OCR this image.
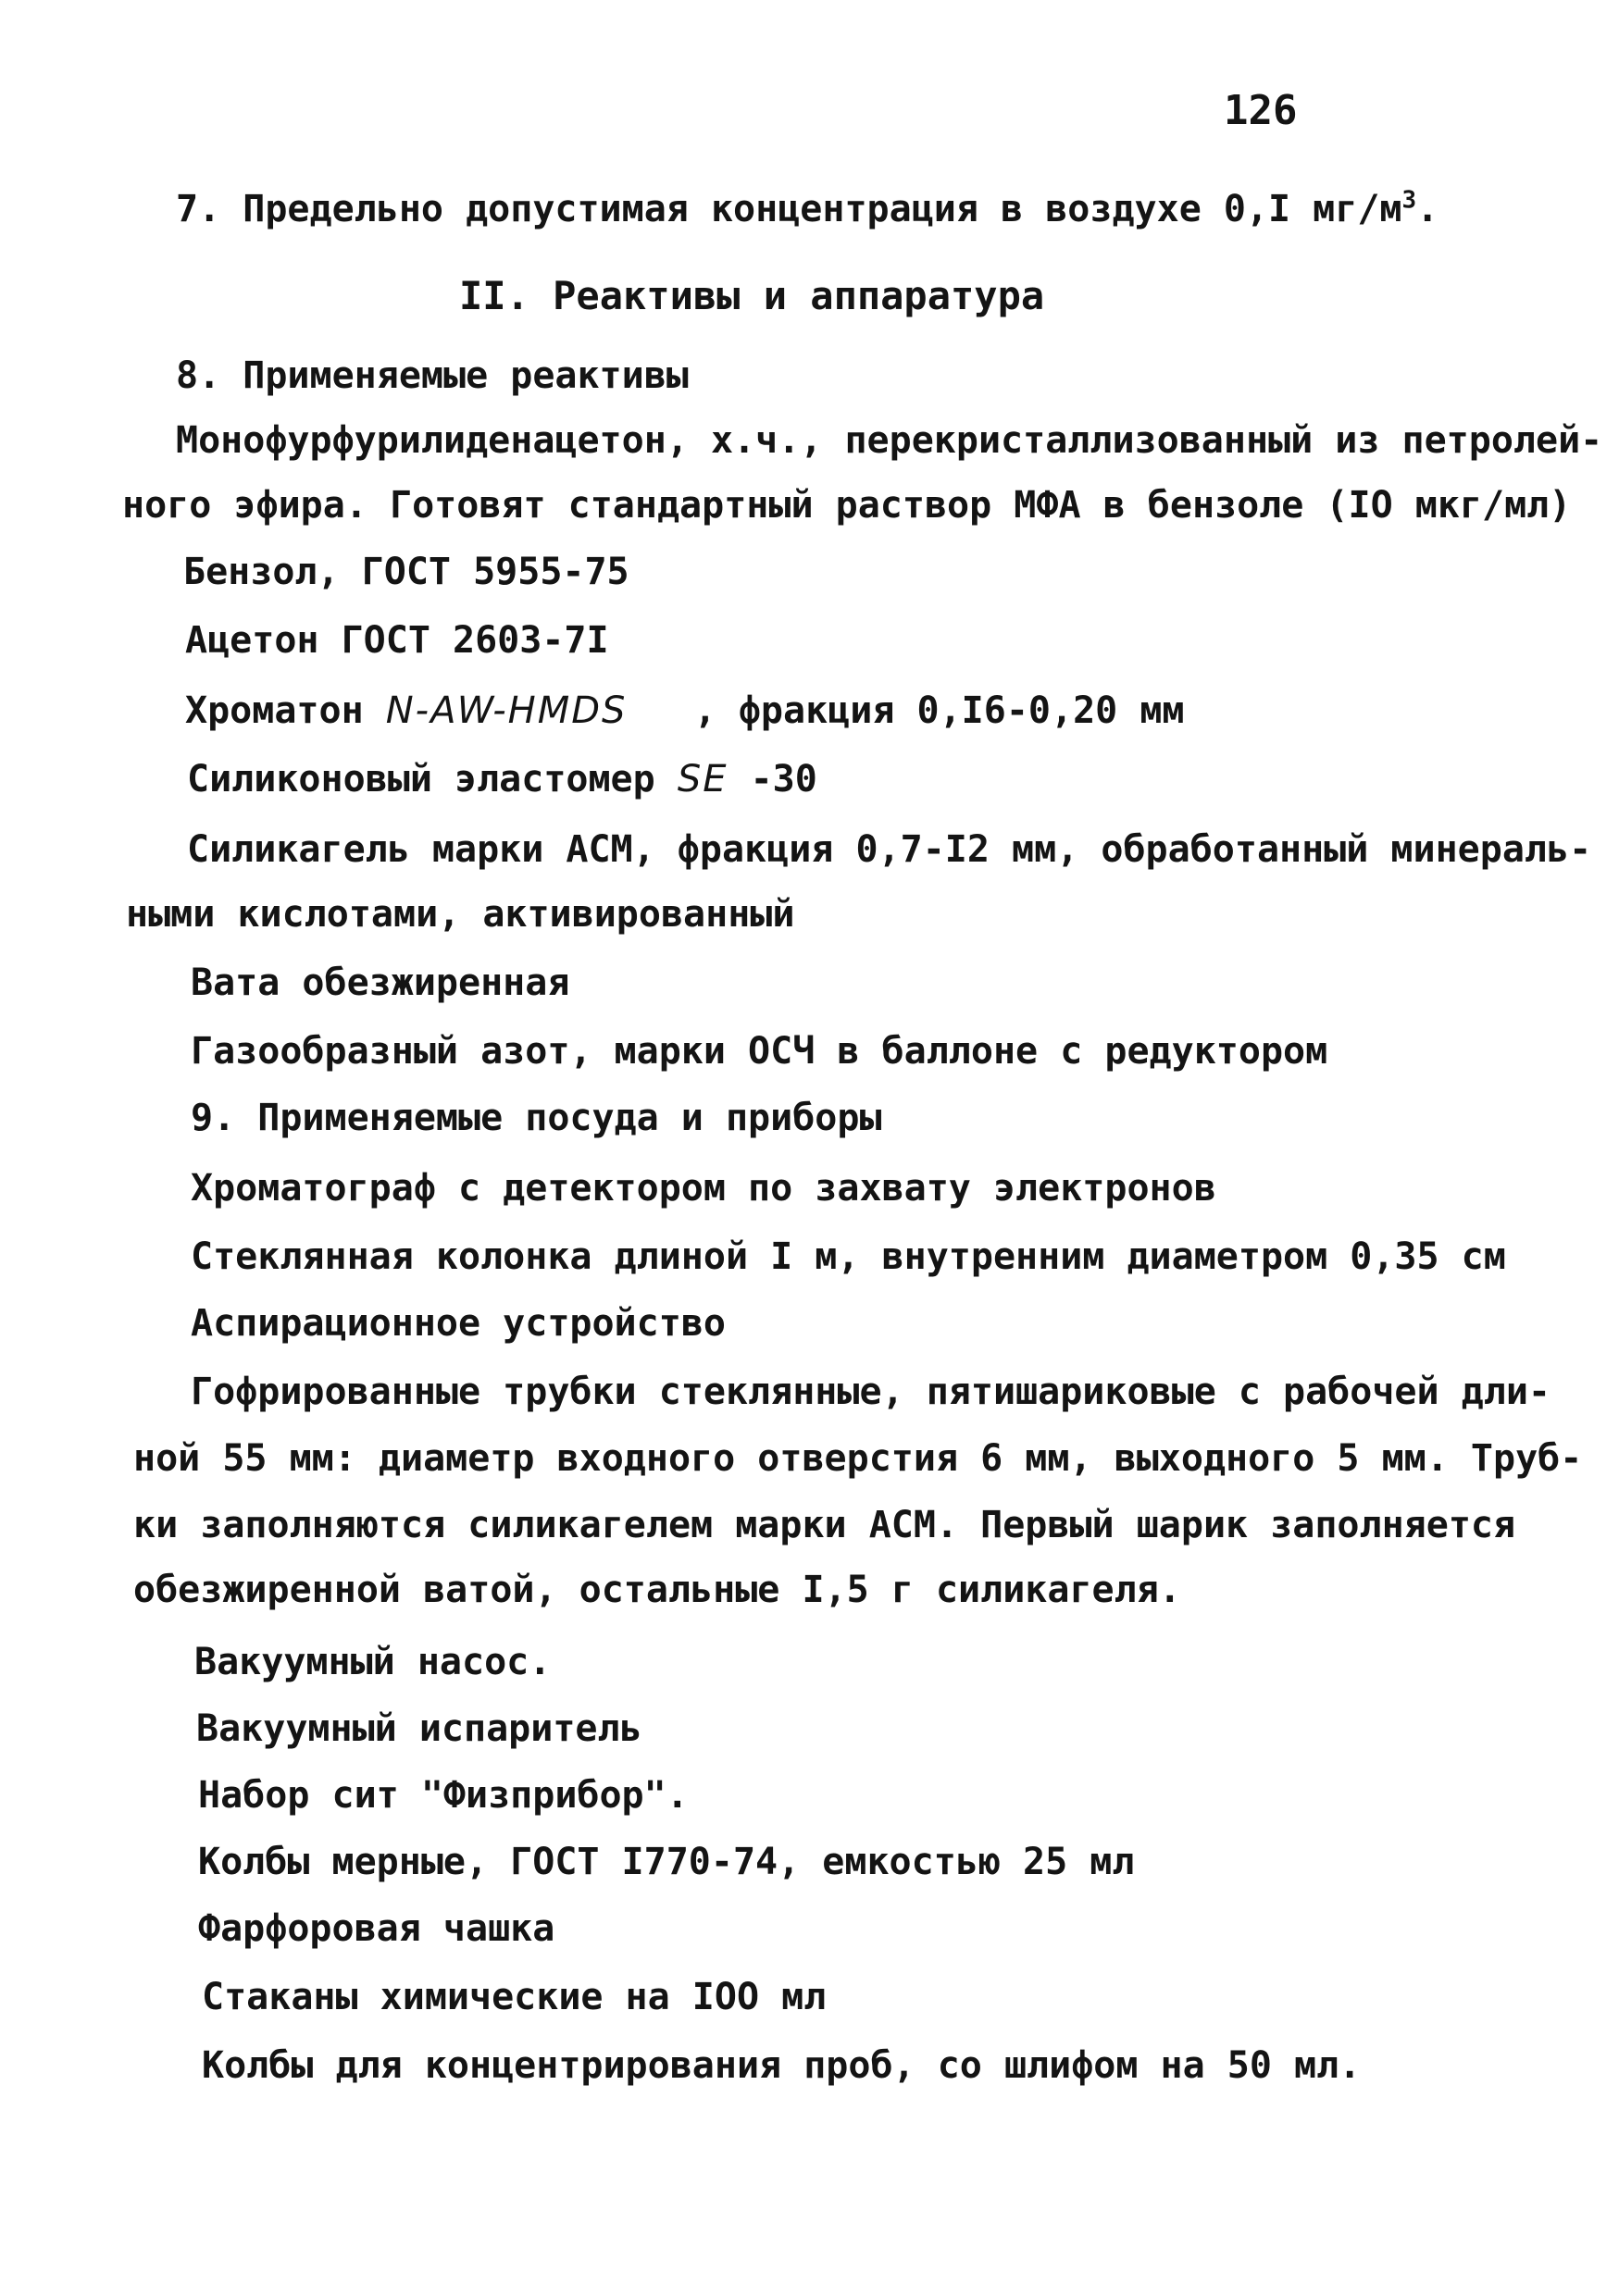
126
7. Предельно допустимая концентрация в воздухе 0,I $мг/м^3$.
II. Реактивы и аппаратура
8. Применяемые реактивы
Монофурфурилиденацетон, х.ч., перекристаллизованный из петролей-
ного эфира. Готовят стандартный раствор МФА в бензоле (IO мкг/мл)
Бензол, ГОСТ 5955-75
Ацетон ГОСТ 2603-7I
Хроматон N-AW-HMDS , фракция 0,I6-0,20 мм
Силиконовый эластомер SE -30
Силикагель марки АСМ, фракция 0,7-I2 мм, обработанный минераль-
ными кислотами, активированный
Вата обезжиренная
Газообразный азот, марки ОСЧ в баллоне с редуктором
9. Применяемые посуда и приборы
Хроматограф с детектором по захвату электронов
Стеклянная колонка длиной I м, внутренним диаметром 0,35 см
Аспирационное устройство
Гофрированные трубки стеклянные, пятишариковые с рабочей дли-
ной 55 мм: диаметр входного отверстия 6 мм, выходного 5 мм. Труб-
ки заполняются силикагелем марки АСМ. Первый шарик заполняется
обезжиренной ватой, остальные I,5 г силикагеля.
Вакуумный насос.
Вакуумный испаритель
Набор сит "Физприбор".
Колбы мерные, ГОСТ I770-74, емкостью 25 мл
Фарфоровая чашка
Стаканы химические на IOO мл
Колбы для концентрирования проб, со шлифом на 50 мл.
